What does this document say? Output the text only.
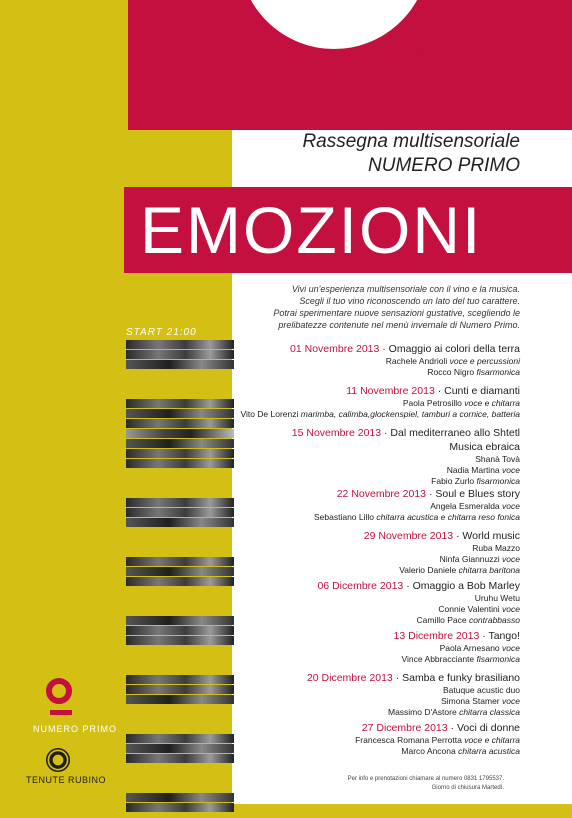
Rassegna multisensoriale
NUMERO PRIMO
EMOZIONI
Vivi un'esperienza multisensoriale con il vino e la musica.
Scegli il tuo vino riconoscendo un lato del tuo carattere.
Potrai sperimentare nuove sensazioni gustative, scegliendo le
prelibatezze contenute nel menù invernale di Numero Primo.
START 21:00
01 Novembre 2013 · Omaggio ai colori della terra
Rachele Andrioli voce e percussioni
Rocco Nigro fisarmonica
11 Novembre 2013 · Cunti e diamanti
Paola Petrosillo voce e chitarra
Vito De Lorenzi marimba, calimba,glockenspiel, tamburi a cornice, batteria
15 Novembre 2013 · Dal mediterraneo allo Shtetl
Musica ebraica
Shanà Tovà
Nadia Martina voce
Fabio Zurlo fisarmonica
22 Novembre 2013 · Soul e Blues story
Angela Esmeralda voce
Sebastiano Lillo chitarra acustica e chitarra reso fonica
29 Novembre 2013 · World music
Ruba Mazzo
Ninfa Giannuzzi voce
Valerio Daniele chitarra baritona
06 Dicembre 2013 · Omaggio a Bob Marley
Uruhu Wetu
Connie Valentini voce
Camillo Pace contrabbasso
13 Dicembre 2013 · Tango!
Paola Arnesano voce
Vince Abbracciante fisarmonica
20 Dicembre 2013 · Samba e funky brasiliano
Batuque acustic duo
Simona Stamer voce
Massimo D'Astore chitarra classica
27 Dicembre 2013 · Voci di donne
Francesca Romana Perrotta voce e chitarra
Marco Ancona chitarra acustica
NUMERO PRIMO
TENUTE RUBINO	Per info e prenotazioni chiamare al numero 0831 1795537.
Giorno di chiusura Martedì.
